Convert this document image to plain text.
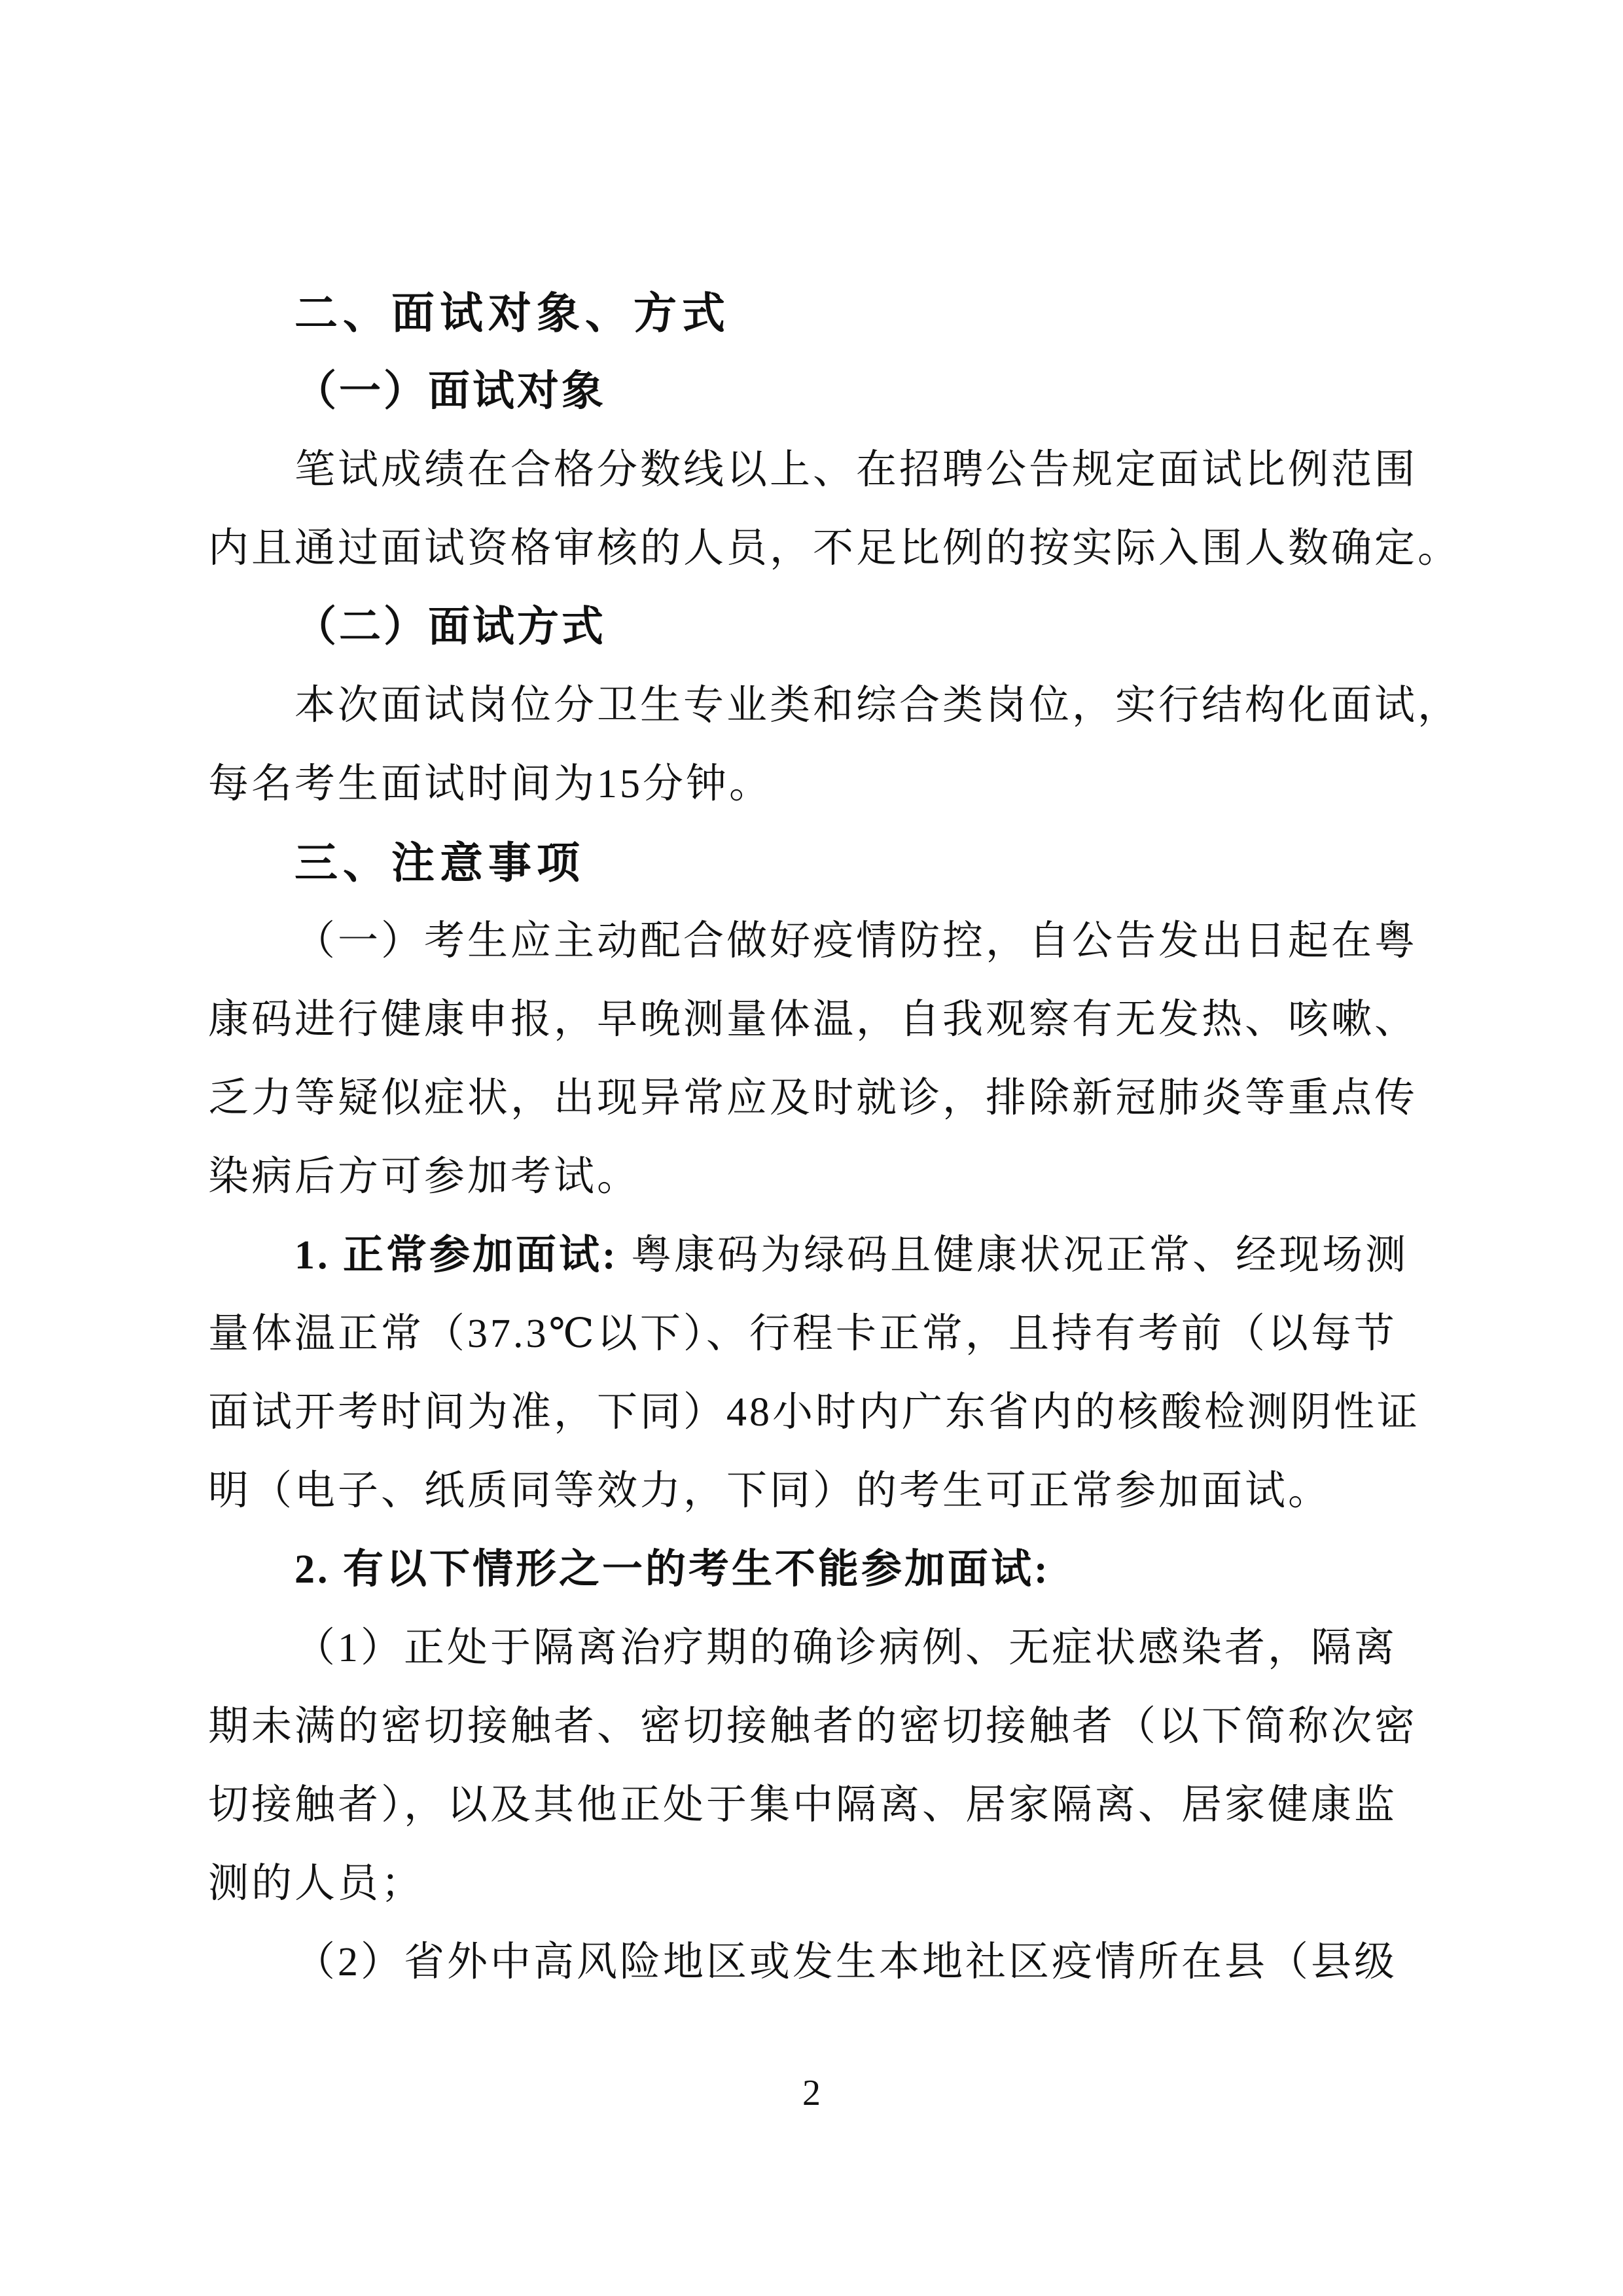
二、面试对象、方式
（一）面试对象
笔试成绩在合格分数线以上、在招聘公告规定面试比例范围
内且通过面试资格审核的人员，不足比例的按实际入围人数确定。
（二）面试方式
本次面试岗位分卫生专业类和综合类岗位，实行结构化面试，
每名考生面试时间为15分钟。
三、注意事项
（一）考生应主动配合做好疫情防控，自公告发出日起在粤
康码进行健康申报，早晚测量体温，自我观察有无发热、咳嗽、
乏力等疑似症状，出现异常应及时就诊，排除新冠肺炎等重点传
染病后方可参加考试。
1. 正常参加面试: 粤康码为绿码且健康状况正常、经现场测
量体温正常（37.3℃以下）、行程卡正常，且持有考前（以每节
面试开考时间为准，下同）48小时内广东省内的核酸检测阴性证
明（电子、纸质同等效力，下同）的考生可正常参加面试。
2. 有以下情形之一的考生不能参加面试:
（1）正处于隔离治疗期的确诊病例、无症状感染者，隔离
期未满的密切接触者、密切接触者的密切接触者（以下简称次密
切接触者），以及其他正处于集中隔离、居家隔离、居家健康监
测的人员；
（2）省外中高风险地区或发生本地社区疫情所在县（县级
2
